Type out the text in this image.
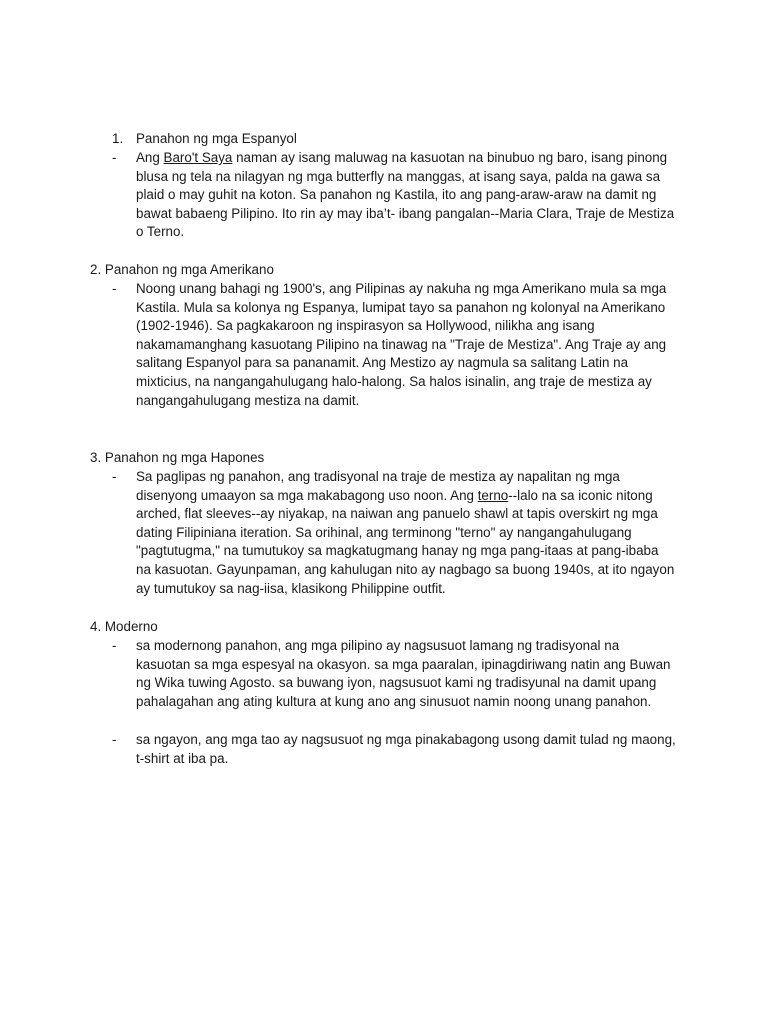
1. Panahon ng mga Espanyol
- Ang Baro't Saya naman ay isang maluwag na kasuotan na binubuo ng baro, isang pinong blusa ng tela na nilagyan ng mga butterfly na manggas, at isang saya, palda na gawa sa plaid o may guhit na koton. Sa panahon ng Kastila, ito ang pang-araw-araw na damit ng bawat babaeng Pilipino. Ito rin ay may iba’t- ibang pangalan--Maria Clara, Traje de Mestiza o Terno.
2. Panahon ng mga Amerikano
- Noong unang bahagi ng 1900's, ang Pilipinas ay nakuha ng mga Amerikano mula sa mga Kastila. Mula sa kolonya ng Espanya, lumipat tayo sa panahon ng kolonyal na Amerikano (1902-1946). Sa pagkakaroon ng inspirasyon sa Hollywood, nilikha ang isang nakamamanghang kasuotang Pilipino na tinawag na "Traje de Mestiza". Ang Traje ay ang salitang Espanyol para sa pananamit. Ang Mestizo ay nagmula sa salitang Latin na mixticius, na nangangahulugang halo-halong. Sa halos isinalin, ang traje de mestiza ay nangangahulugang mestiza na damit.
3. Panahon ng mga Hapones
- Sa paglipas ng panahon, ang tradisyonal na traje de mestiza ay napalitan ng mga disenyong umaayon sa mga makabagong uso noon. Ang terno--lalo na sa iconic nitong arched, flat sleeves--ay niyakap, na naiwan ang panuelo shawl at tapis overskirt ng mga dating Filipiniana iteration. Sa orihinal, ang terminong "terno" ay nangangahulugang "pagtutugma," na tumutukoy sa magkatugmang hanay ng mga pang-itaas at pang-ibaba na kasuotan. Gayunpaman, ang kahulugan nito ay nagbago sa buong 1940s, at ito ngayon ay tumutukoy sa nag-iisa, klasikong Philippine outfit.
4. Moderno
- sa modernong panahon, ang mga pilipino ay nagsusuot lamang ng tradisyonal na kasuotan sa mga espesyal na okasyon. sa mga paaralan, ipinagdiriwang natin ang Buwan ng Wika tuwing Agosto. sa buwang iyon, nagsusuot kami ng tradisyunal na damit upang pahalagahan ang ating kultura at kung ano ang sinusuot namin noong unang panahon.
- sa ngayon, ang mga tao ay nagsusuot ng mga pinakabagong usong damit tulad ng maong, t-shirt at iba pa.
